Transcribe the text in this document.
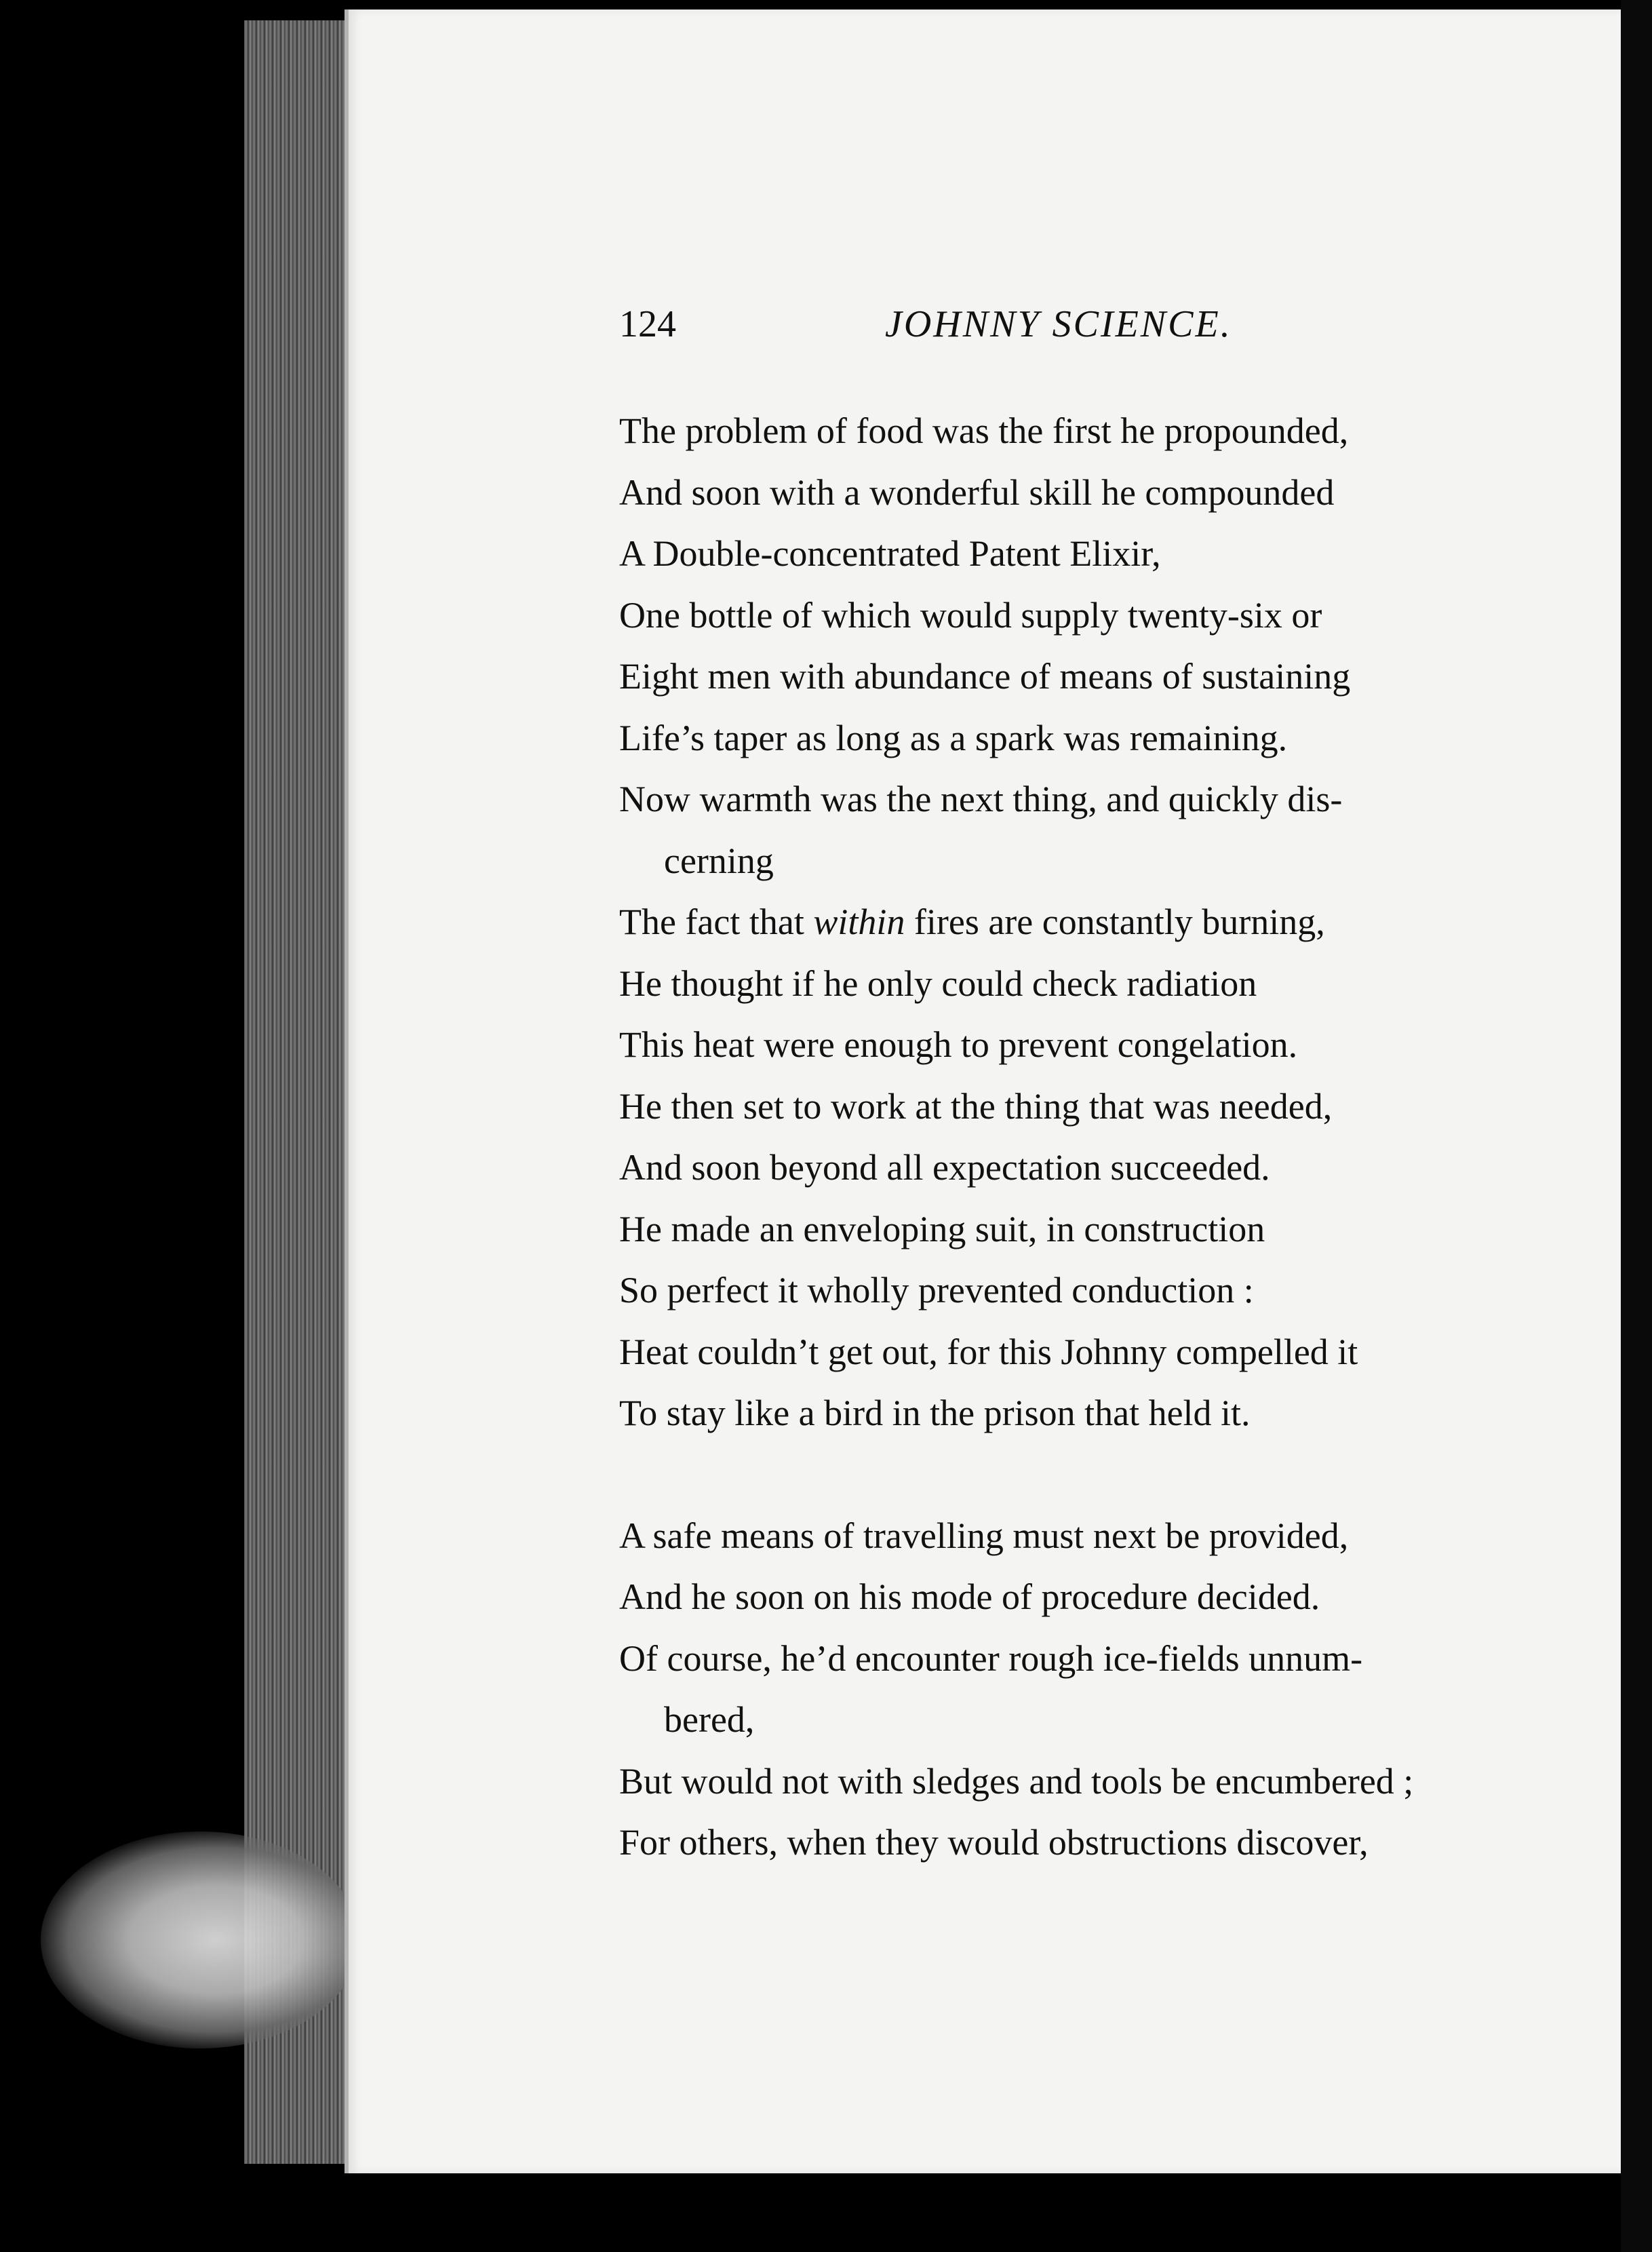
124	JOHNNY SCIENCE.
The problem of food was the first he propounded,
And soon with a wonderful skill he compounded
A Double-concentrated Patent Elixir,
One bottle of which would supply twenty-six or
Eight men with abundance of means of sustaining
Life’s taper as long as a spark was remaining.
Now warmth was the next thing, and quickly dis-
cerning
The fact that within fires are constantly burning,
He thought if he only could check radiation
This heat were enough to prevent congelation.
He then set to work at the thing that was needed,
And soon beyond all expectation succeeded.
He made an enveloping suit, in construction
So perfect it wholly prevented conduction :
Heat couldn’t get out, for this Johnny compelled it
To stay like a bird in the prison that held it.
A safe means of travelling must next be provided,
And he soon on his mode of procedure decided.
Of course, he’d encounter rough ice-fields unnum-
bered,
But would not with sledges and tools be encumbered ;
For others, when they would obstructions discover,
